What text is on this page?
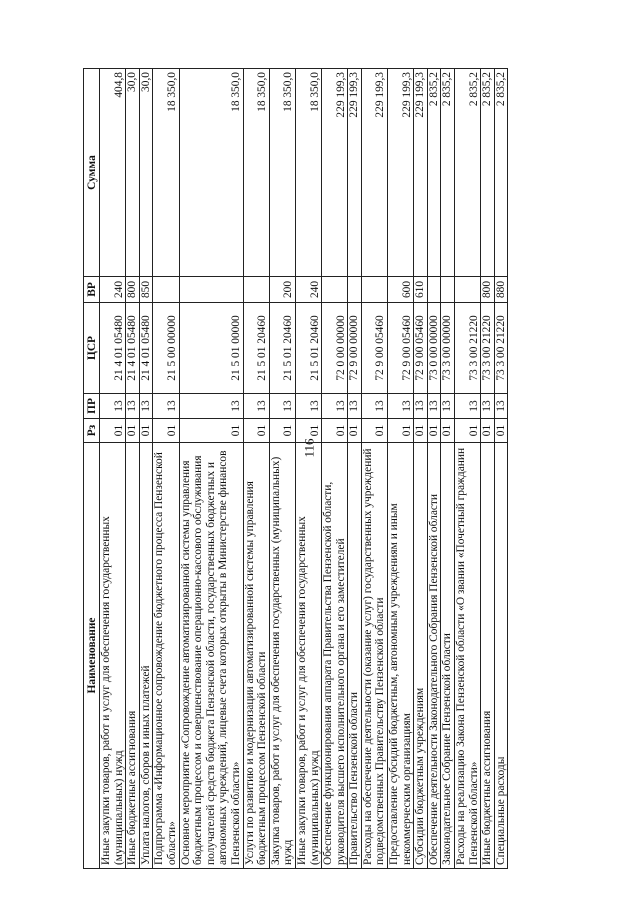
116
Наименование	Рз	ПР	ЦСР	ВР	Сумма
Иные закупки товаров, работ и услуг для обеспечения государственных (муниципальных) нужд	01	13	21 4 01 05480	240	404,8
Иные бюджетные ассигнования	01	13	21 4 01 05480	800	30,0
Уплата налогов, сборов и иных платежей	01	13	21 4 01 05480	850	30,0
Подпрограмма «Информационное сопровождение бюджетного процесса Пензенской области»	01	13	21 5 00 00000		18 350,0
Основное мероприятие «Сопровождение автоматизированной системы управления бюджетным процессом и совершенствование операционно-кассового обслуживания получателей средств бюджета Пензенской области, государственных бюджетных и автономных учреждений, лицевые счета которых открыты в Министерстве финансов Пензенской области»	01	13	21 5 01 00000		18 350,0
Услуги по развитию и модернизации автоматизированной системы управления бюджетным процессом Пензенской области	01	13	21 5 01 20460		18 350,0
Закупка товаров, работ и услуг для обеспечения государственных (муниципальных) нужд	01	13	21 5 01 20460	200	18 350,0
Иные закупки товаров, работ и услуг для обеспечения государственных (муниципальных) нужд	01	13	21 5 01 20460	240	18 350,0
Обеспечение функционирования аппарата Правительства Пензенской области, руководителя высшего исполнительного органа и его заместителей	01	13	72 0 00 00000		229 199,3
Правительство Пензенской области	01	13	72 9 00 00000		229 199,3
Расходы на обеспечение деятельности (оказание услуг) государственных учреждений подведомственных Правительству Пензенской области	01	13	72 9 00 05460		229 199,3
Предоставление субсидий бюджетным, автономным учреждениям и иным некоммерческим организациям	01	13	72 9 00 05460	600	229 199,3
Субсидии бюджетным учреждениям	01	13	72 9 00 05460	610	229 199,3
Обеспечение деятельности Законодательного Собрания Пензенской области	01	13	73 0 00 00000		2 835,2
Законодательное Собрание Пензенской области	01	13	73 3 00 00000		2 835,2
Расходы на реализацию Закона Пензенской области «О звании «Почетный гражданин Пензенской области»	01	13	73 3 00 21220		2 835,2
Иные бюджетные ассигнования	01	13	73 3 00 21220	800	2 835,2
Специальные расходы	01	13	73 3 00 21220	880	2 835,2
